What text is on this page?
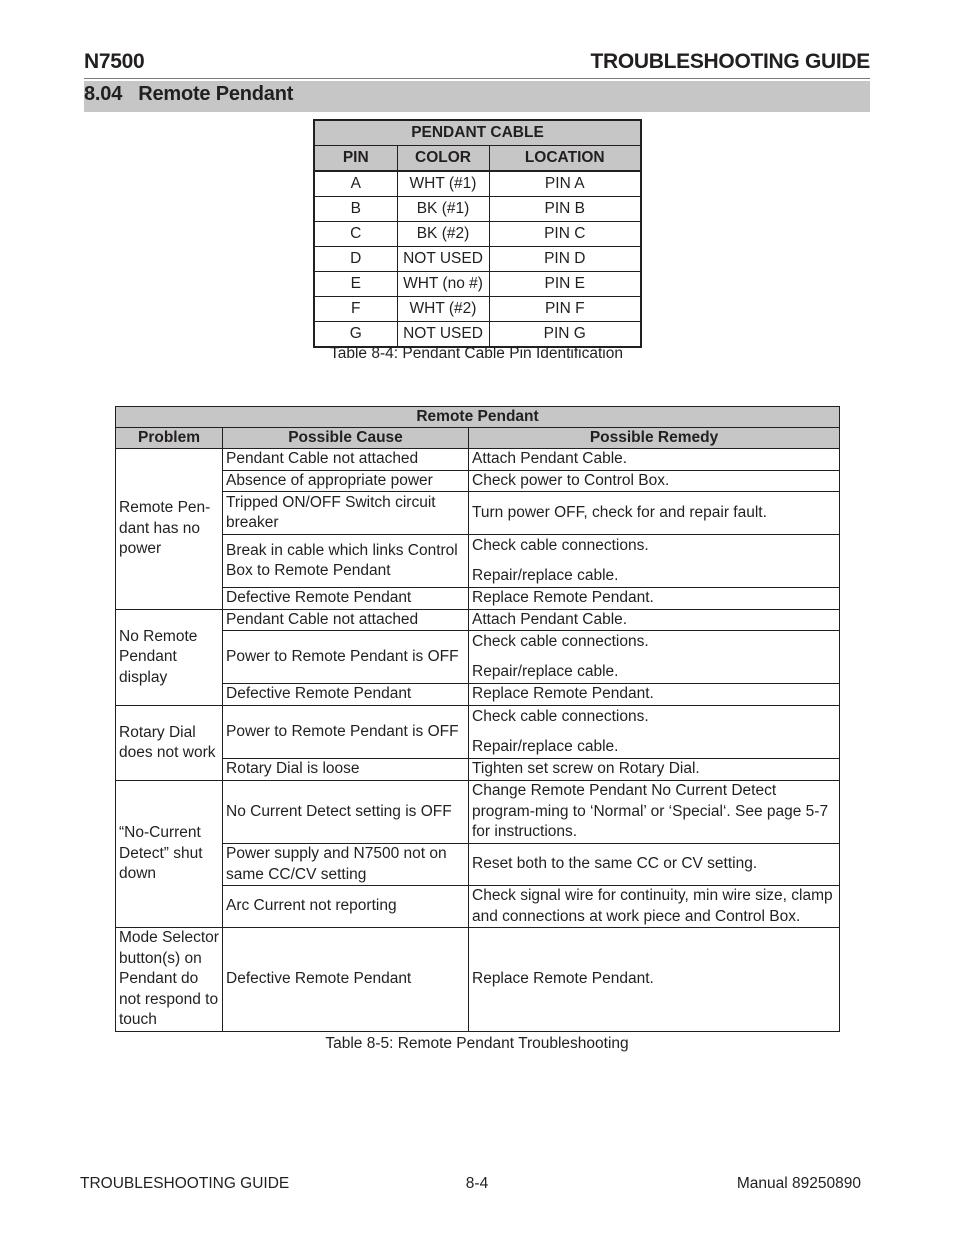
N7500	TROUBLESHOOTING GUIDE
8.04   Remote Pendant
PENDANT CABLE		
PIN	COLOR	LOCATION
A	WHT (#1)	PIN A
B	BK (#1)	PIN B
C	BK (#2)	PIN C
D	NOT USED	PIN D
E	WHT (no #)	PIN E
F	WHT (#2)	PIN F
G	NOT USED	PIN G
Table 8-4: Pendant Cable Pin Identification
Remote Pendant		
Problem	Possible Cause	Possible Remedy
Remote Pen-
dant has no
power	Pendant Cable not attached	Attach Pendant Cable.
	Absence of appropriate power	Check power to Control Box.
	Tripped ON/OFF Switch circuit breaker	Turn power OFF, check for and repair fault.
	Break in cable which links Control Box to Remote Pendant	Check cable connections.
Repair/replace cable.

	Defective Remote Pendant	Replace Remote Pendant.
No Remote
Pendant
display	Pendant Cable not attached	Attach Pendant Cable.
	Power to Remote Pendant is OFF	Check cable connections.
Repair/replace cable.

	Defective Remote Pendant	Replace Remote Pendant.
Rotary Dial
does not work	Power to Remote Pendant is OFF	Check cable connections.
Repair/replace cable.

	Rotary Dial is loose	Tighten set screw on Rotary Dial.
“No-Current
Detect” shut
down	No Current Detect setting is OFF	Change Remote Pendant No Current Detect program-ming to ‘Normal’ or ‘Special‘. See page 5-7 for instructions.
	Power supply and N7500 not on same CC/CV setting	Reset both to the same CC or CV setting.
	Arc Current not reporting	Check signal wire for continuity, min wire size, clamp and connections at work piece and Control Box.
Mode Selector
button(s) on
Pendant do
not respond to
touch	Defective Remote Pendant	Replace Remote Pendant.
Table 8-5: Remote Pendant Troubleshooting
TROUBLESHOOTING GUIDE	8-4	Manual 89250890
